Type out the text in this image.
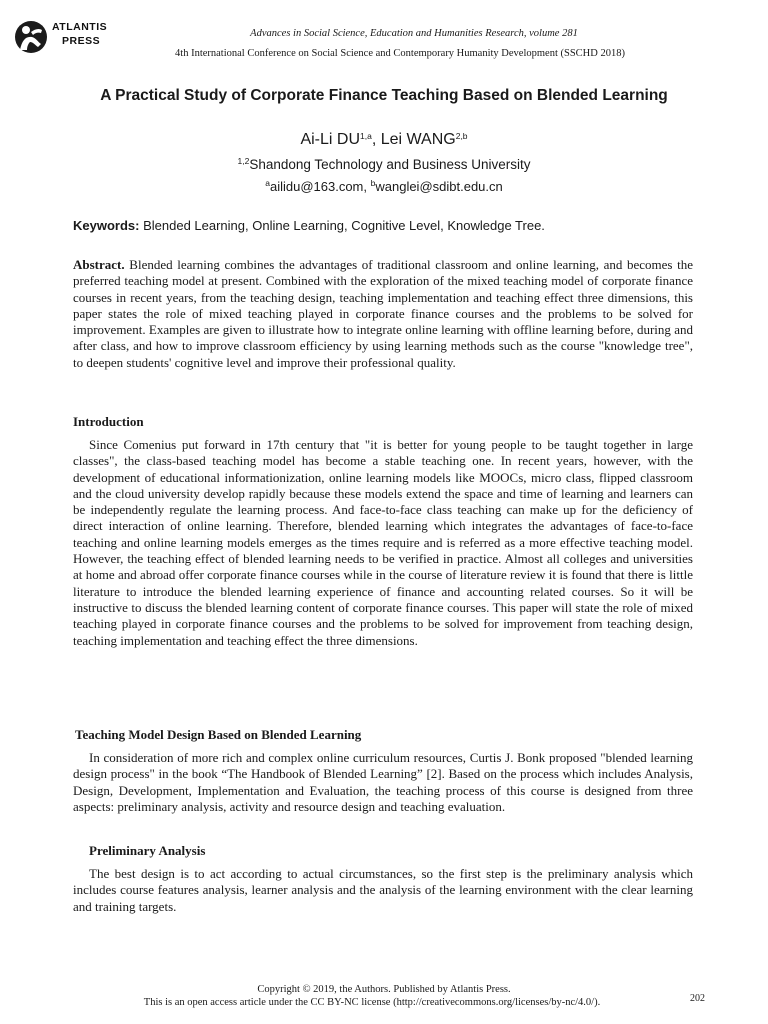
ATLANTIS
PRESS
Advances in Social Science, Education and Humanities Research, volume 281
4th International Conference on Social Science and Contemporary Humanity Development (SSCHD 2018)
A Practical Study of Corporate Finance Teaching Based on Blended Learning
Ai-Li DU$^{1,a}$, Lei WANG$^{2,b}$
$^{1,2}$Shandong Technology and Business University
$^a$ailidu@163.com, $^b$wanglei@sdibt.edu.cn
Keywords: Blended Learning, Online Learning, Cognitive Level, Knowledge Tree.

Abstract. Blended learning combines the advantages of traditional classroom and online learning, and becomes the preferred teaching model at present. Combined with the exploration of the mixed teaching model of corporate finance courses in recent years, from the teaching design, teaching implementation and teaching effect three dimensions, this paper states the role of mixed teaching played in corporate finance courses and the problems to be solved for improvement. Examples are given to illustrate how to integrate online learning with offline learning before, during and after class, and how to improve classroom efficiency by using learning methods such as the course "knowledge tree", to deepen students' cognitive level and improve their professional quality.

Introduction

Since Comenius put forward in 17th century that "it is better for young people to be taught together in large classes", the class-based teaching model has become a stable teaching one. In recent years, however, with the development of educational informationization, online learning models like MOOCs, micro class, flipped classroom and the cloud university develop rapidly because these models extend the space and time of learning and learners can be independently regulate the learning process. And face-to-face class teaching can make up for the deficiency of direct interaction of online learning. Therefore, blended learning which integrates the advantages of face-to-face teaching and online learning models emerges as the times require and is referred as a more effective teaching model. However, the teaching effect of blended learning needs to be verified in practice. Almost all colleges and universities at home and abroad offer corporate finance courses while in the course of literature review it is found that there is little literature to introduce the blended learning experience of finance and accounting related courses. So it will be instructive to discuss the blended learning content of corporate finance courses. This paper will state the role of mixed teaching played in corporate finance courses and the problems to be solved for improvement from teaching design, teaching implementation and teaching effect the three dimensions.

Teaching Model Design Based on Blended Learning

In consideration of more rich and complex online curriculum resources, Curtis J. Bonk proposed "blended learning design process" in the book “The Handbook of Blended Learning” [2]. Based on the process which includes Analysis, Design, Development, Implementation and Evaluation, the teaching process of this course is designed from three aspects: preliminary analysis, activity and resource design and teaching evaluation.

Preliminary Analysis

The best design is to act according to actual circumstances, so the first step is the preliminary analysis which includes course features analysis, learner analysis and the analysis of the learning environment with the clear learning and training targets.

Copyright © 2019, the Authors. Published by Atlantis Press.
This is an open access article under the CC BY-NC license (http://creativecommons.org/licenses/by-nc/4.0/).	202
